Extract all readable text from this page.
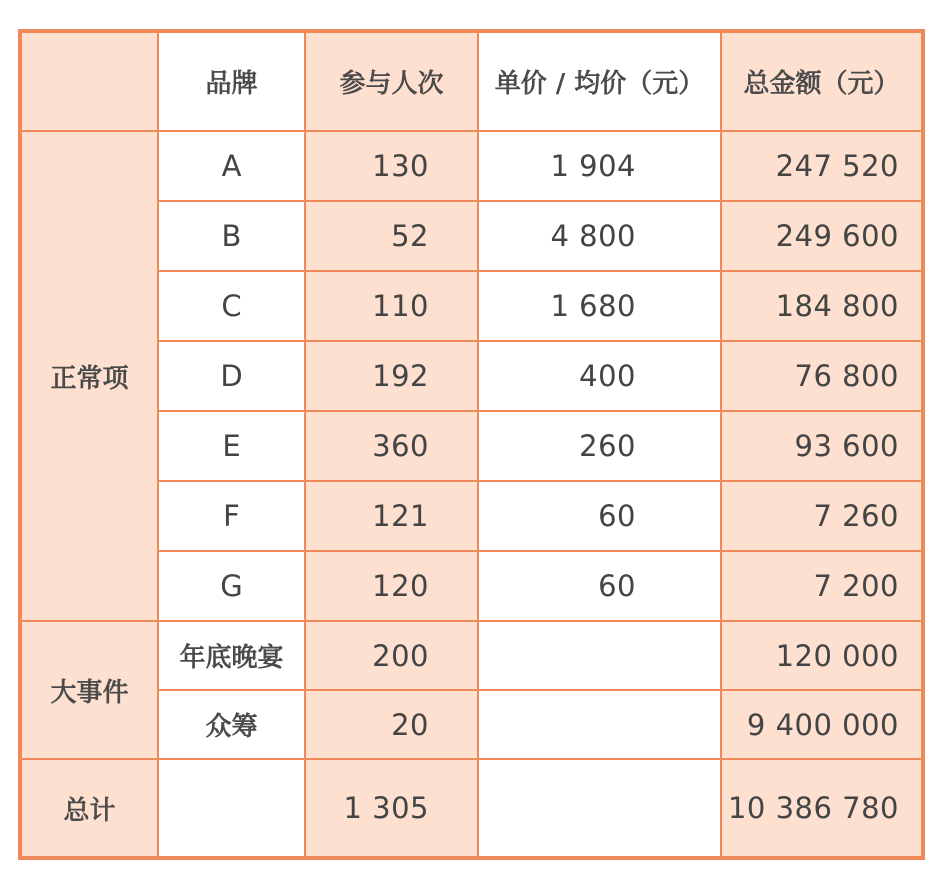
	品牌	参与人次	单价 / 均价（元）	总金额（元）
正常项	A	130	1 904	247 520
	B	52	4 800	249 600
	C	110	1 680	184 800
	D	192	400	76 800
	E	360	260	93 600
	F	121	60	7 260
	G	120	60	7 200
大事件	年底晚宴	200		120 000
	众筹	20		9 400 000
总计		1 305		10 386 780
